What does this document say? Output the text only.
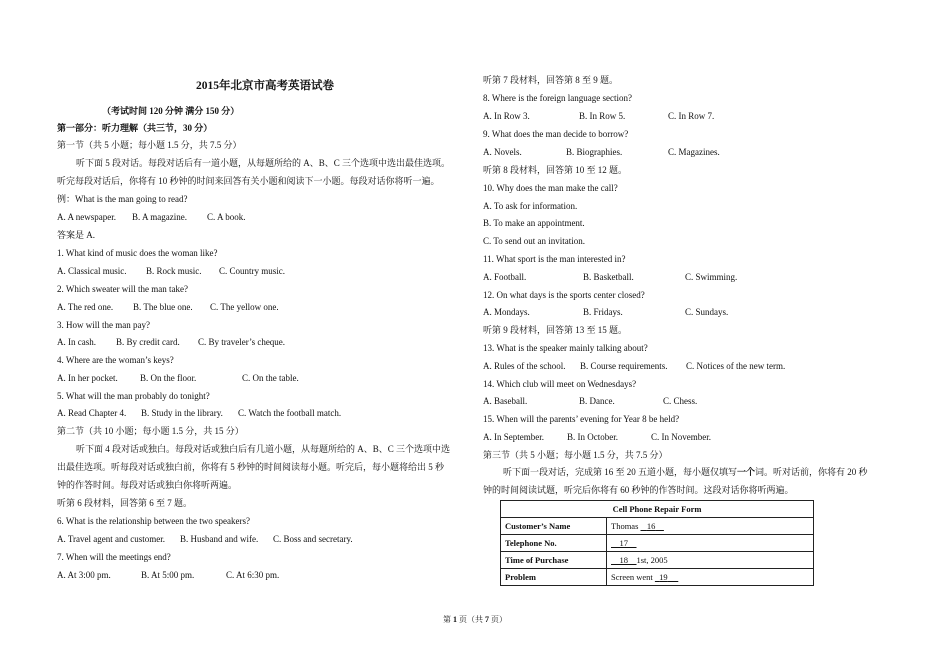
2015年北京市高考英语试卷
（考试时间 120 分钟 满分 150 分）
第一部分：听力理解（共三节，30 分）
第一节（共 5 小题；每小题 1.5 分，共 7.5 分）
听下面 5 段对话。每段对话后有一道小题，从每题所给的 A、B、C 三个选项中选出最佳选项。
听完每段对话后，你将有 10 秒钟的时间来回答有关小题和阅读下一小题。每段对话你将听一遍。
例：What is the man going to read?
A. A newspaper. B. A magazine. C. A book.
答案是 A.
1. What kind of music does the woman like?
A. Classical music. B. Rock music. C. Country music.
2. Which sweater will the man take?
A. The red one. B. The blue one. C. The yellow one.
3. How will the man pay?
A. In cash. B. By credit card. C. By traveler’s cheque.
4. Where are the woman’s keys?
A. In her pocket. B. On the floor.	C. On the table.
5. What will the man probably do tonight?
A. Read Chapter 4. B. Study in the library. C. Watch the football match.
第二节（共 10 小题；每小题 1.5 分，共 15 分）
听下面 4 段对话或独白。每段对话或独白后有几道小题，从每题所给的 A、B、C 三个选项中选
出最佳选项。听每段对话或独白前，你将有 5 秒钟的时间阅读每小题。听完后，每小题将给出 5 秒
钟的作答时间。每段对话或独白你将听两遍。
听第 6 段材料，回答第 6 至 7 题。
6. What is the relationship between the two speakers?
A. Travel agent and customer. B. Husband and wife. C. Boss and secretary.
7. When will the meetings end?
A. At 3:00 pm.	B. At 5:00 pm.	C. At 6:30 pm.
听第 7 段材料，回答第 8 至 9 题。
8. Where is the foreign language section?
A. In Row 3.	B. In Row 5.	C. In Row 7.
9. What does the man decide to borrow?
A. Novels.	B. Biographies.	C. Magazines.
听第 8 段材料，回答第 10 至 12 题。
10. Why does the man make the call?
A. To ask for information.
B. To make an appointment.
C. To send out an invitation.
11. What sport is the man interested in?
A. Football.	B. Basketball.	C. Swimming.
12. On what days is the sports center closed?
A. Mondays.	B. Fridays.	C. Sundays.
听第 9 段材料，回答第 13 至 15 题。
13. What is the speaker mainly talking about?
A. Rules of the school. B. Course requirements. C. Notices of the new term.
14. Which club will meet on Wednesdays?
A. Baseball.	B. Dance.	C. Chess.
15. When will the parents’ evening for Year 8 be held?
A. In September.	B. In October.	C. In November.
第三节（共 5 小题；每小题 1.5 分，共 7.5 分）
听下面一段对话，完成第 16 至 20 五道小题，每小题仅填写一个词。听对话前，你将有 20 秒
钟的时间阅读试题，听完后你将有 60 秒钟的作答时间。这段对话你将听两遍。
Cell Phone Repair Form	
Customer’s Name	Thomas    16
Telephone No.	17
Time of Purchase	18 1st, 2005
Problem	Screen went   19
第 1 页（共 7 页）
